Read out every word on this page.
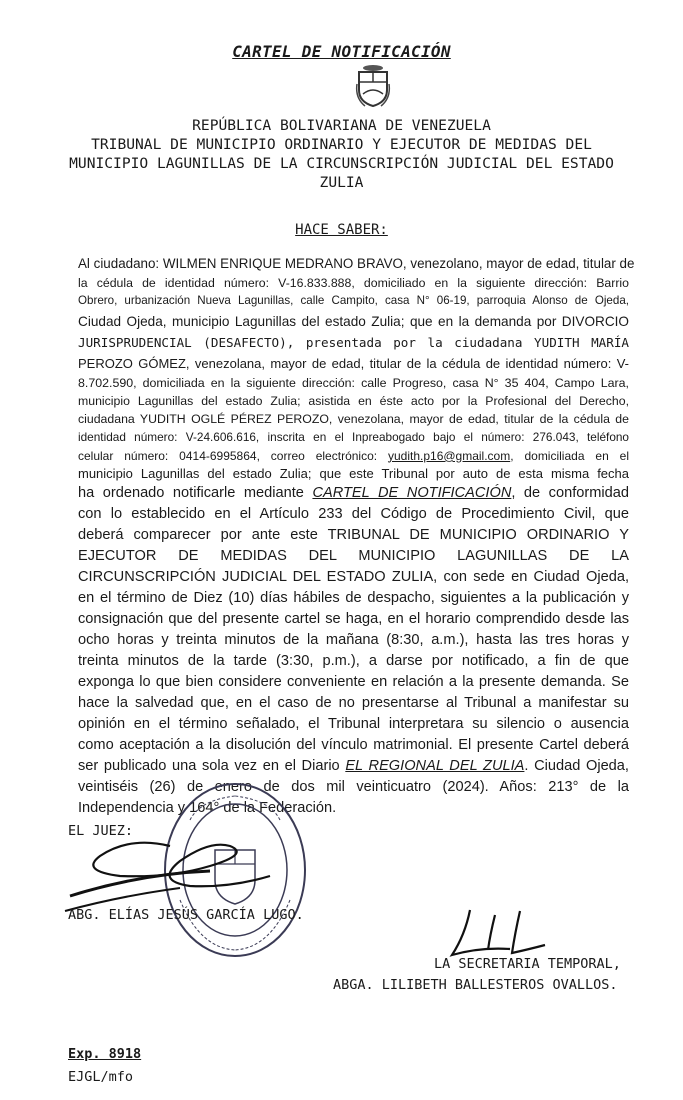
CARTEL DE NOTIFICACIÓN
REPÚBLICA BOLIVARIANA DE VENEZUELA
TRIBUNAL DE MUNICIPIO ORDINARIO Y EJECUTOR DE MEDIDAS DEL
MUNICIPIO LAGUNILLAS DE LA CIRCUNSCRIPCIÓN JUDICIAL DEL ESTADO
ZULIA
HACE SABER:
Al ciudadano: WILMEN ENRIQUE MEDRANO BRAVO, venezolano, mayor de edad, titular de
la cédula de identidad número: V-16.833.888, domiciliado en la siguiente dirección: Barrio
Obrero, urbanización Nueva Lagunillas, calle Campito, casa N° 06-19, parroquia Alonso de Ojeda,
Ciudad Ojeda, municipio Lagunillas del estado Zulia; que en la demanda por DIVORCIO
JURISPRUDENCIAL (DESAFECTO), presentada por la ciudadana YUDITH MARÍA
PEROZO GÓMEZ, venezolana, mayor de edad, titular de la cédula de identidad número: V-
8.702.590, domiciliada en la siguiente dirección: calle Progreso, casa N° 35 404, Campo Lara,
municipio Lagunillas del estado Zulia; asistida en éste acto por la Profesional del Derecho,
ciudadana YUDITH OGLÉ PÉREZ PEROZO, venezolana, mayor de edad, titular de la cédula de
identidad número: V-24.606.616, inscrita en el Inpreabogado bajo el número: 276.043, teléfono
celular número: 0414-6995864, correo electrónico: yudith.p16@gmail.com, domiciliada en el
municipio Lagunillas del estado Zulia; que este Tribunal por auto de esta misma fecha
ha ordenado notificarle mediante CARTEL DE NOTIFICACIÓN, de conformidad
con lo establecido en el Artículo 233 del Código de Procedimiento Civil, que
deberá comparecer por ante este TRIBUNAL DE MUNICIPIO ORDINARIO Y
EJECUTOR DE MEDIDAS DEL MUNICIPIO LAGUNILLAS DE LA
CIRCUNSCRIPCIÓN JUDICIAL DEL ESTADO ZULIA, con sede en Ciudad Ojeda,
en el término de Diez (10) días hábiles de despacho, siguientes a la publicación y
consignación que del presente cartel se haga, en el horario comprendido desde las
ocho horas y treinta minutos de la mañana (8:30, a.m.), hasta las tres horas y
treinta minutos de la tarde (3:30, p.m.), a darse por notificado, a fin de que
exponga lo que bien considere conveniente en relación a la presente demanda. Se
hace la salvedad que, en el caso de no presentarse al Tribunal a manifestar su
opinión en el término señalado, el Tribunal interpretara su silencio o ausencia
como aceptación a la disolución del vínculo matrimonial. El presente Cartel deberá
ser publicado una sola vez en el Diario EL REGIONAL DEL ZULIA. Ciudad Ojeda,
veintiséis (26) de enero de dos mil veinticuatro (2024). Años: 213° de la
Independencia y 164° de la Federación.
EL JUEZ:
ABG. ELÍAS JESÚS GARCÍA LUGO.
LA SECRETARIA TEMPORAL,
ABGA. LILIBETH BALLESTEROS OVALLOS.
Exp. 8918
EJGL/mfo
